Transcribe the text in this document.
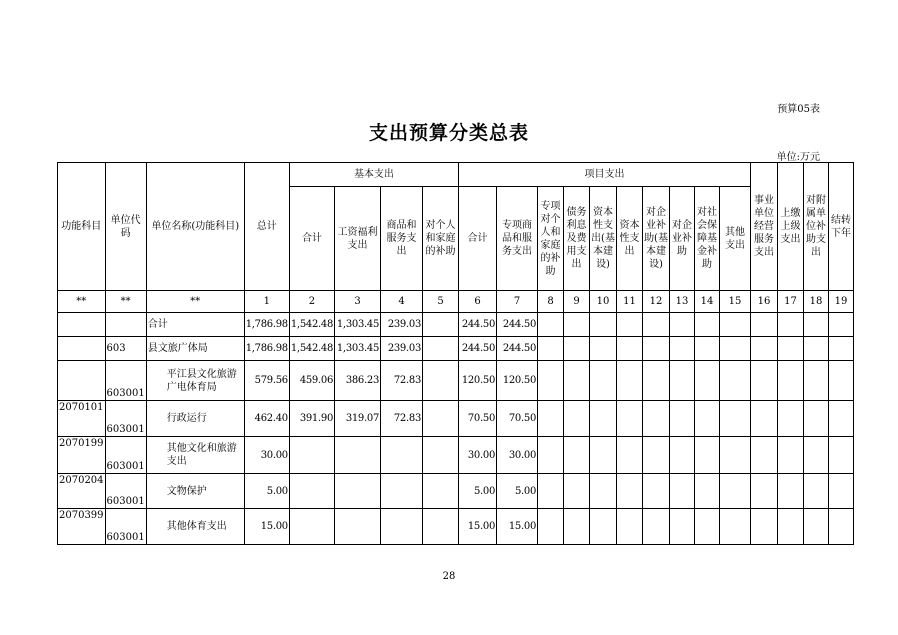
预算05表
支出预算分类总表
单位:万元
功能科目	单位代码	单位名称(功能科目)	总计	基本支出				项目支出										事业单位经营服务支出	上缴上级支出	对附属单位补助支出	结转下年
				合计	工资福利支出	商品和服务支出	对个人和家庭的补助	合计	专项商品和服务支出	专项对个人和家庭的补助	债务利息及费用支出	资本性支出(基本建设)	资本性支出	对企业补助(基本建设)	对企业补助	对社会保障基金补助	其他支出				
**	**	**	1	2	3	4	5	6	7	8	9	10	11	12	13	14	15	16	17	18	19
		合计	1,786.98	1,542.48	1,303.45	239.03		244.50	244.50												
	603	县文旅广体局	1,786.98	1,542.48	1,303.45	239.03		244.50	244.50												
	603001	平江县文化旅游广电体育局	579.56	459.06	386.23	72.83		120.50	120.50												
2070101	603001	行政运行	462.40	391.90	319.07	72.83		70.50	70.50												
2070199	603001	其他文化和旅游支出	30.00					30.00	30.00												
2070204	603001	文物保护	5.00					5.00	5.00												
2070399	603001	其他体育支出	15.00					15.00	15.00												
28
